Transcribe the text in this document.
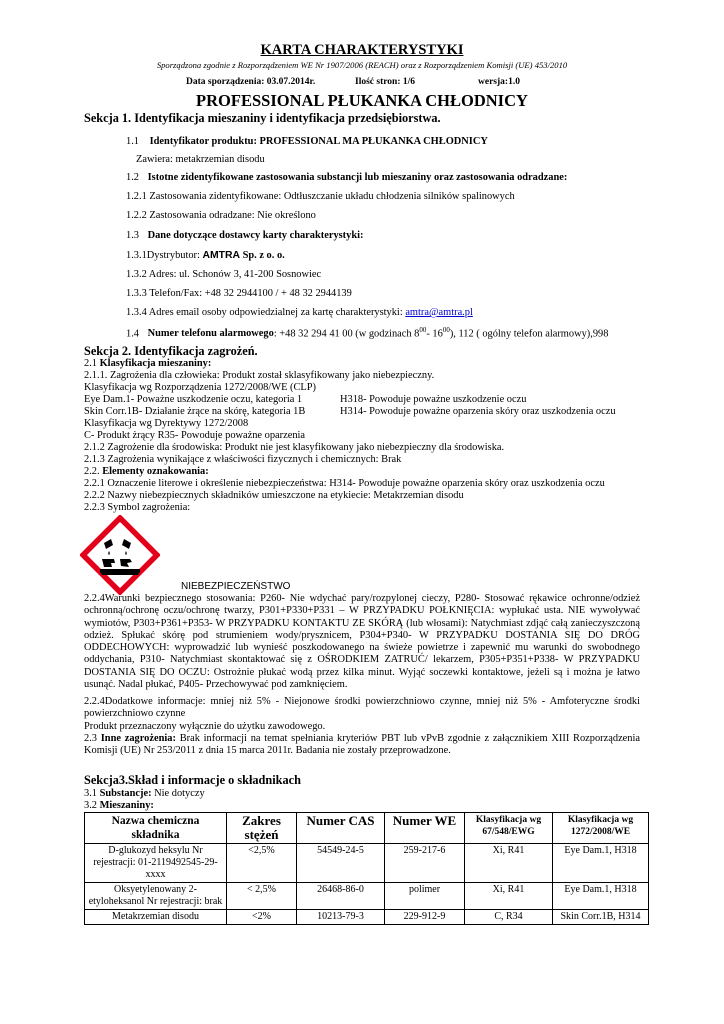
KARTA CHARAKTERYSTYKI
Sporządzona zgodnie z Rozporządzeniem WE Nr 1907/2006 (REACH) oraz z Rozporządzeniem Komisji (UE) 453/2010
Data sporządzenia: 03.07.2014r.	Ilość stron: 1/6	wersja:1.0
PROFESSIONAL PŁUKANKA CHŁODNICY
Sekcja 1. Identyfikacja mieszaniny i identyfikacja przedsiębiorstwa.
1.1 Identyfikator produktu: PROFESSIONAL MA PŁUKANKA CHŁODNICY
Zawiera: metakrzemian disodu
1.2 Istotne zidentyfikowane zastosowania substancji lub mieszaniny oraz zastosowania odradzane:
1.2.1 Zastosowania zidentyfikowane: Odtłuszczanie układu chłodzenia silników spalinowych
1.2.2 Zastosowania odradzane: Nie określono
1.3 Dane dotyczące dostawcy karty charakterystyki:
1.3.1Dystrybutor: AMTRA Sp. z o. o.
1.3.2 Adres: ul. Schonów 3, 41-200 Sosnowiec
1.3.3 Telefon/Fax: +48 32 2944100 / + 48 32 2944139
1.3.4 Adres email osoby odpowiedzialnej za kartę charakterystyki: amtra@amtra.pl
1.4 Numer telefonu alarmowego: +48 32 294 41 00 (w godzinach $8^{00}-$ $16^{00}$), 112 ( ogólny telefon alarmowy),998
Sekcja 2. Identyfikacja zagrożeń.
2.1 Klasyfikacja mieszaniny:
2.1.1. Zagrożenia dla człowieka: Produkt został sklasyfikowany jako niebezpieczny.
Klasyfikacja wg Rozporządzenia 1272/2008/WE (CLP)
Eye Dam.1- Poważne uszkodzenie oczu, kategoria 1	H318- Powoduje poważne uszkodzenie oczu
Skin Corr.1B- Działanie żrące na skórę, kategoria 1B	H314- Powoduje poważne oparzenia skóry oraz uszkodzenia oczu
Klasyfikacja wg Dyrektywy 1272/2008
C- Produkt żrący R35- Powoduje poważne oparzenia
2.1.2 Zagrożenie dla środowiska: Produkt nie jest klasyfikowany jako niebezpieczny dla środowiska.
2.1.3 Zagrożenia wynikające z właściwości fizycznych i chemicznych: Brak
2.2. Elementy oznakowania:
2.2.1 Oznaczenie literowe i określenie niebezpieczeństwa: H314- Powoduje poważne oparzenia skóry oraz uszkodzenia oczu
2.2.2 Nazwy niebezpiecznych składników umieszczone na etykiecie: Metakrzemian disodu
2.2.3 Symbol zagrożenia:
NIEBEZPIECZEŃSTWO
2.2.4Warunki bezpiecznego stosowania: P260- Nie wdychać pary/rozpylonej cieczy, P280- Stosować rękawice ochronne/odzież ochronną/ochronę oczu/ochronę twarzy, P301+P330+P331 – W PRZYPADKU POŁKNIĘCIA: wypłukać usta. NIE wywoływać wymiotów, P303+P361+P353- W PRZYPADKU KONTAKTU ZE SKÓRĄ (lub włosami): Natychmiast zdjąć całą zanieczyszczoną odzież. Spłukać skórę pod strumieniem wody/prysznicem, P304+P340- W PRZYPADKU DOSTANIA SIĘ DO DRÓG ODDECHOWYCH: wyprowadzić lub wynieść poszkodowanego na świeże powietrze i zapewnić mu warunki do swobodnego oddychania, P310- Natychmiast skontaktować się z OŚRODKIEM ZATRUĆ/ lekarzem, P305+P351+P338- W PRZYPADKU DOSTANIA SIĘ DO OCZU: Ostrożnie płukać wodą przez kilka minut. Wyjąć soczewki kontaktowe, jeżeli są i można je łatwo usunąć. Nadal płukać, P405- Przechowywać pod zamknięciem.
2.2.4Dodatkowe informacje: mniej niż 5% - Niejonowe środki powierzchniowo czynne, mniej niż 5% - Amfoteryczne środki powierzchniowo czynne
Produkt przeznaczony wyłącznie do użytku zawodowego.
2.3 Inne zagrożenia: Brak informacji na temat spełniania kryteriów PBT lub vPvB zgodnie z załącznikiem XIII Rozporządzenia Komisji (UE) Nr 253/2011 z dnia 15 marca 2011r. Badania nie zostały przeprowadzone.
Sekcja3.Skład i informacje o składnikach
3.1 Substancje: Nie dotyczy
3.2 Mieszaniny:
Nazwa chemiczna składnika	Zakres stężeń	Numer CAS	Numer WE	Klasyfikacja wg 67/548/EWG	Klasyfikacja wg 1272/2008/WE
D-glukozyd heksylu Nr rejestracji: 01-2119492545-29-xxxx	<2,5%	54549-24-5	259-217-6	Xi, R41	Eye Dam.1, H318
Oksyetylenowany 2-etyloheksanol Nr rejestracji: brak	< 2,5%	26468-86-0	polimer	Xi, R41	Eye Dam.1, H318
Metakrzemian disodu	<2%	10213-79-3	229-912-9	C, R34	Skin Corr.1B, H314
